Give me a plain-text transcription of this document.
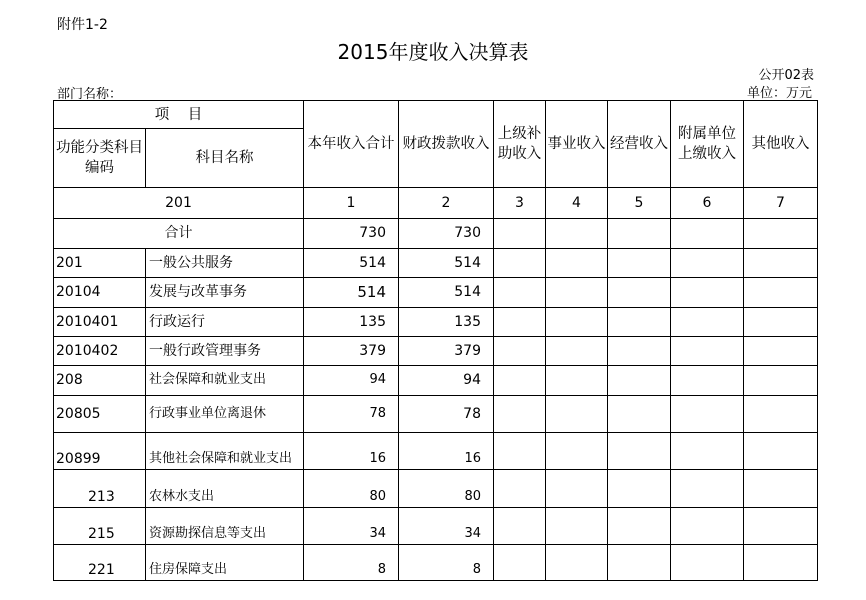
附件1-2
2015年度收入决算表
公开02表
部门名称：	单位：万元
项    目		本年收入合计	财政拨款收入	上级补助收入	事业收入	经营收入	附属单位上缴收入	其他收入
功能分类科目编码	科目名称							
201		1	2	3	4	5	6	7
合计		730	730					
201	一般公共服务	514	514					
20104	发展与改革事务	514	514					
2010401	行政运行	135	135					
2010402	一般行政管理事务	379	379					
208	社会保障和就业支出	94	94					
20805	行政事业单位离退休	78	78					
20899	其他社会保障和就业支出	16	16					
213	农林水支出	80	80					
215	资源勘探信息等支出	34	34					
221	住房保障支出	8	8					
